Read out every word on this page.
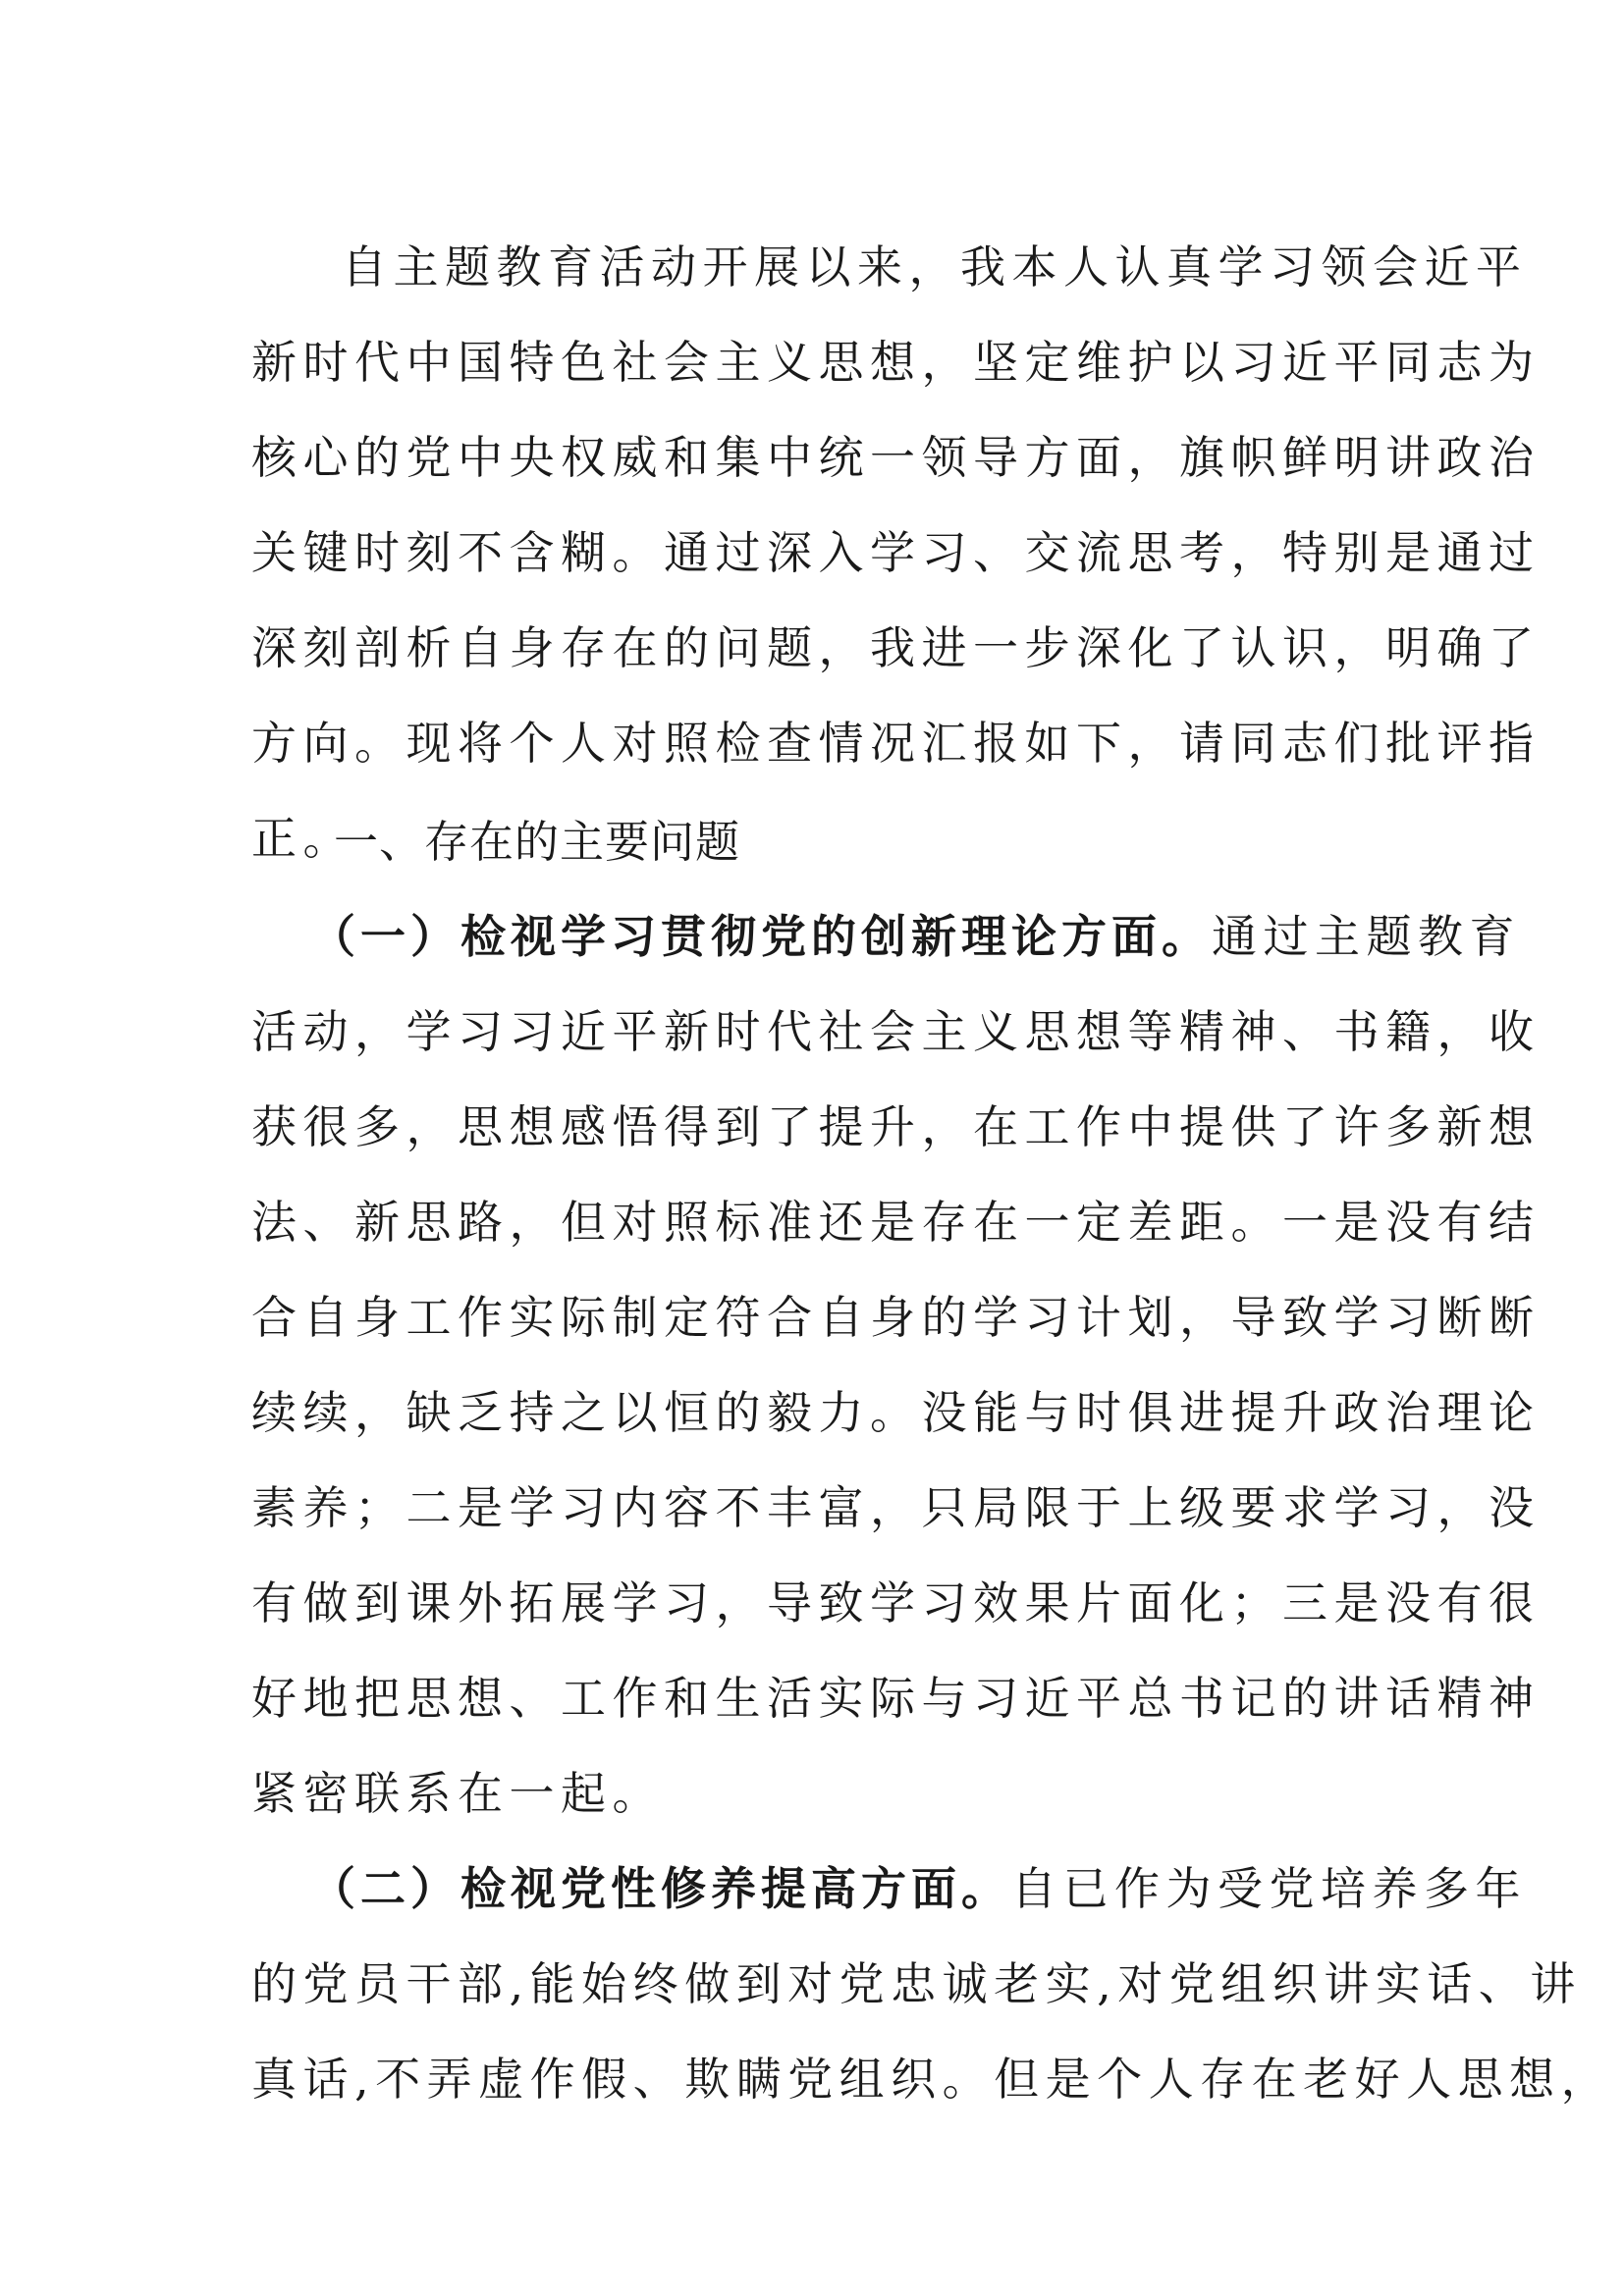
自主题教育活动开展以来，我本人认真学习领会近平
新时代中国特色社会主义思想，坚定维护以习近平同志为
核心的党中央权威和集中统一领导方面，旗帜鲜明讲政治
关键时刻不含糊。通过深入学习、交流思考，特别是通过
深刻剖析自身存在的问题，我进一步深化了认识，明确了
方向。现将个人对照检查情况汇报如下，请同志们批评指
正。
一、存在的主要问题
（一）检视学习贯彻党的创新理论方面。通过主题教育
活动，学习习近平新时代社会主义思想等精神、书籍，收
获很多，思想感悟得到了提升，在工作中提供了许多新想
法、新思路，但对照标准还是存在一定差距。一是没有结
合自身工作实际制定符合自身的学习计划，导致学习断断
续续，缺乏持之以恒的毅力。没能与时俱进提升政治理论
素养；二是学习内容不丰富，只局限于上级要求学习，没
有做到课外拓展学习，导致学习效果片面化；三是没有很
好地把思想、工作和生活实际与习近平总书记的讲话精神
紧密联系在一起。
（二）检视党性修养提高方面。自已作为受党培养多年
的党员干部,能始终做到对党忠诚老实,对党组织讲实话、讲
真话,不弄虚作假、欺瞒党组织。但是个人存在老好人思想，
